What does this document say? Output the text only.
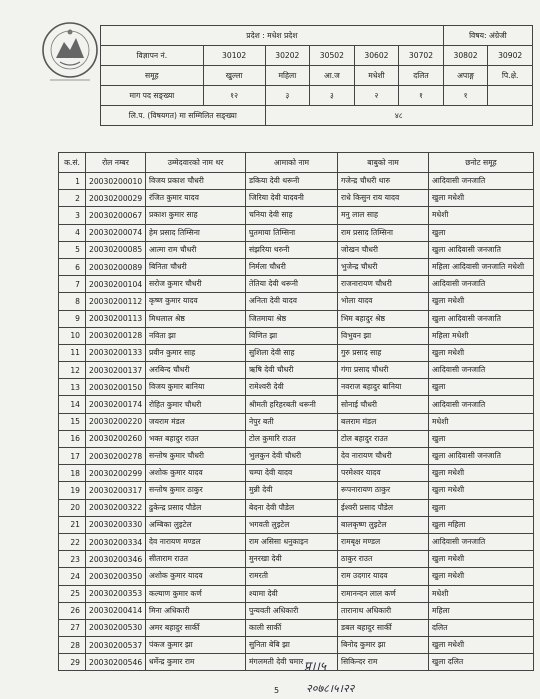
प्रदेश : मधेश प्रदेश						विषय: अंग्रेजी	
विज्ञापन नं.	30102	30202	30502	30602	30702	30802	30902
समूह	खुल्ला	महिला	आ.ज	मधेशी	दलित	अपाङ्ग	पि.क्षे.
माग पद सङ्ख्या	१२	३	३	२	१	१	
लि.प. (विषयगत) मा सम्मिलित सङ्ख्या		४८					
क.सं.	रोल नम्बर	उम्मेदवारको नाम थर	आमाको नाम	बाबुको नाम	छनोट समूह
1	20030200010	विजय प्रकाश चौधरी	डकिया देवी थरूनी	गजेन्द्र चौधरी थारु	आदिवासी जनजाति
2	20030200029	रंजित कुमार यादव	जिरिया देवी यादवनी	राधे किसुन राय यादव	खुला मधेशी
3	20030200067	प्रकाश कुमार साह	चनिया देवी साह	मनु लाल साह	मधेशी
4	20030200074	हेम प्रसाद तिम्सिना	घुतमाया तिम्सिना	राम प्रसाद तिम्सिना	खुला
5	20030200085	आत्मा राम चौधरी	संझरिया थरुनी	जोखन चौधरी	खुला आदिवासी जनजाति
6	20030200089	बिनिता चौधरी	निर्मला चौधरी	भुजेन्द्र चौधरी	महिला आदिवासी जनजाति मधेशी
7	20030200104	सरोज कुमार चौधरी	तेतिया देवी थरूनी	राजनारायण चौधरी	आदिवासी जनजाति
8	20030200112	कृष्ण कुमार यादव	अनिता देवी यादव	भोला यादव	खुला मधेशी
9	20030200113	मिथलाल श्रेष्ठ	जितमाया श्रेष्ठ	भिम बहादुर श्रेष्ठ	खुला आदिवासी जनजाति
10	20030200128	नविता झा	विणित झा	विभुवन झा	महिला मधेशी
11	20030200133	प्रवीन कुमार साह	सुशिला देवी साह	गुरु प्रसाद साह	खुला मधेशी
12	20030200137	अरबिन्द चौधरी	ऋषि देवी चौधरी	गंगा प्रसाद चौधरी	आदिवासी जनजाति
13	20030200150	विजय कुमार बानिया	रामेश्वरी देवी	नवराज बहादुर बानिया	खुला
14	20030200174	रोहित कुमार चौधरी	श्रीमती हरिहरबती थरूनी	सोनाई चौधरी	आदिवासी जनजाति
15	20030200220	जयराम मंडल	नेपुर बती	बलराम मंडल	मधेशी
16	20030200260	भक्त बहादुर राउत	टोल कुमारि राउत	टोल बहादुर राउत	खुला
17	20030200278	सन्तोष कुमार चौधरी	भुलकुन देवी चौधरी	देव नारायण चौधरी	खुला आदिवासी जनजाति
18	20030200299	अशोक कुमार यादव	चम्पा देवी यादव	परमेश्वर यादव	खुला मधेशी
19	20030200317	सन्तोष कुमार ठाकुर	मुन्नी देवी	रूपनारायण ठाकुर	खुला मधेशी
20	20030200322	ढुकेन्द्र प्रसाद पौडेल	बेदना देवी पौडेल	ईश्वरी प्रसाद पौडेल	खुला
21	20030200330	अम्बिका लुइटेल	भगवती लुइटेल	बालकृष्ण लुइटेल	खुला महिला
22	20030200334	देव नारायण मण्डल	राम असिसा धनुकाइन	रामबृक्ष मण्डल	आदिवासी जनजाति
23	20030200346	सीताराम राउत	मुनरखा देवी	ठाकुर राउत	खुला मधेशी
24	20030200350	अशोक कुमार यादव	रामरती	राम उदगार यादव	खुला मधेशी
25	20030200353	कल्याण कुमार कर्ण	श्यामा देवी	रामानन्दन लाल कर्ण	मधेशी
26	20030200414	मिना अधिकारी	पुन्यवती अधिकारी	तारानाथ अधिकारी	महिला
27	20030200530	अमर बहादुर सार्की	काली सार्की	डबल बहादुर सार्की	दलित
28	20030200537	पंकज कुमार झा	सुनिता बेबि झा	बिनोद कुमार झा	खुला मधेशी
29	20030200546	धर्मेन्द्र कुमार राम	मंगलमती देवी चमार	सिकिन्दर राम	खुला दलित
प्र।।५
२०७८।५।२२
5
